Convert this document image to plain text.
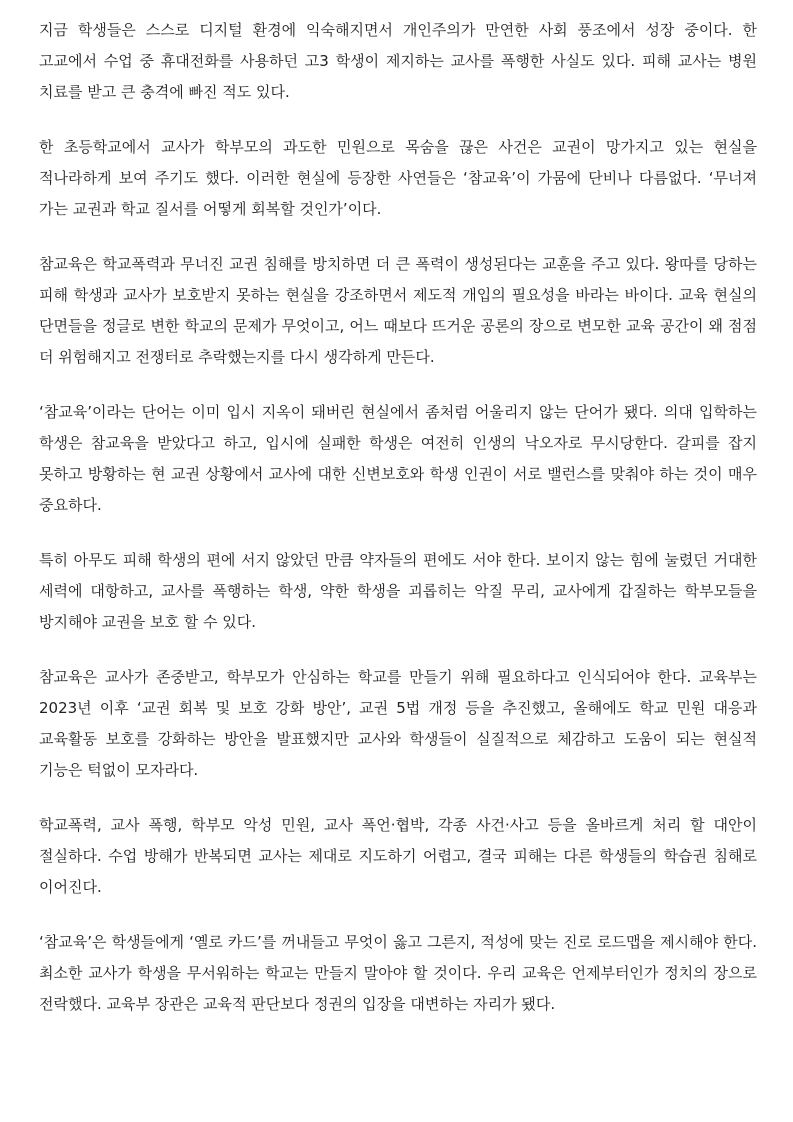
지금 학생들은 스스로 디지털 환경에 익숙해지면서 개인주의가 만연한 사회 풍조에서 성장 중이다. 한 고교에서 수업 중 휴대전화를 사용하던 고3 학생이 제지하는 교사를 폭행한 사실도 있다. 피해 교사는 병원 치료를 받고 큰 충격에 빠진 적도 있다.

한 초등학교에서 교사가 학부모의 과도한 민원으로 목숨을 끊은 사건은 교권이 망가지고 있는 현실을 적나라하게 보여 주기도 했다. 이러한 현실에 등장한 사연들은 ‘참교육’이 가뭄에 단비나 다름없다. ‘무너져 가는 교권과 학교 질서를 어떻게 회복할 것인가’이다.

참교육은 학교폭력과 무너진 교권 침해를 방치하면 더 큰 폭력이 생성된다는 교훈을 주고 있다. 왕따를 당하는 피해 학생과 교사가 보호받지 못하는 현실을 강조하면서 제도적 개입의 필요성을 바라는 바이다. 교육 현실의 단면들을 정글로 변한 학교의 문제가 무엇이고, 어느 때보다 뜨거운 공론의 장으로 변모한 교육 공간이 왜 점점 더 위험해지고 전쟁터로 추락했는지를 다시 생각하게 만든다.

‘참교육’이라는 단어는 이미 입시 지옥이 돼버린 현실에서 좀처럼 어울리지 않는 단어가 됐다. 의대 입학하는 학생은 참교육을 받았다고 하고, 입시에 실패한 학생은 여전히 인생의 낙오자로 무시당한다. 갈피를 잡지 못하고 방황하는 현 교권 상황에서 교사에 대한 신변보호와 학생 인권이 서로 밸런스를 맞춰야 하는 것이 매우 중요하다.

특히 아무도 피해 학생의 편에 서지 않았던 만큼 약자들의 편에도 서야 한다. 보이지 않는 힘에 눌렸던 거대한 세력에 대항하고, 교사를 폭행하는 학생, 약한 학생을 괴롭히는 악질 무리, 교사에게 갑질하는 학부모들을 방지해야 교권을 보호 할 수 있다.

참교육은 교사가 존중받고, 학부모가 안심하는 학교를 만들기 위해 필요하다고 인식되어야 한다. 교육부는 2023년 이후 ‘교권 회복 및 보호 강화 방안’, 교권 5법 개정 등을 추진했고, 올해에도 학교 민원 대응과 교육활동 보호를 강화하는 방안을 발표했지만 교사와 학생들이 실질적으로 체감하고 도움이 되는 현실적 기능은 턱없이 모자라다.

학교폭력, 교사 폭행, 학부모 악성 민원, 교사 폭언·협박, 각종 사건·사고 등을 올바르게 처리 할 대안이 절실하다. 수업 방해가 반복되면 교사는 제대로 지도하기 어렵고, 결국 피해는 다른 학생들의 학습권 침해로 이어진다.

‘참교육’은 학생들에게 ‘옐로 카드’를 꺼내들고 무엇이 옳고 그른지, 적성에 맞는 진로 로드맵을 제시해야 한다. 최소한 교사가 학생을 무서워하는 학교는 만들지 말아야 할 것이다. 우리 교육은 언제부터인가 정치의 장으로 전락했다. 교육부 장관은 교육적 판단보다 정권의 입장을 대변하는 자리가 됐다.
